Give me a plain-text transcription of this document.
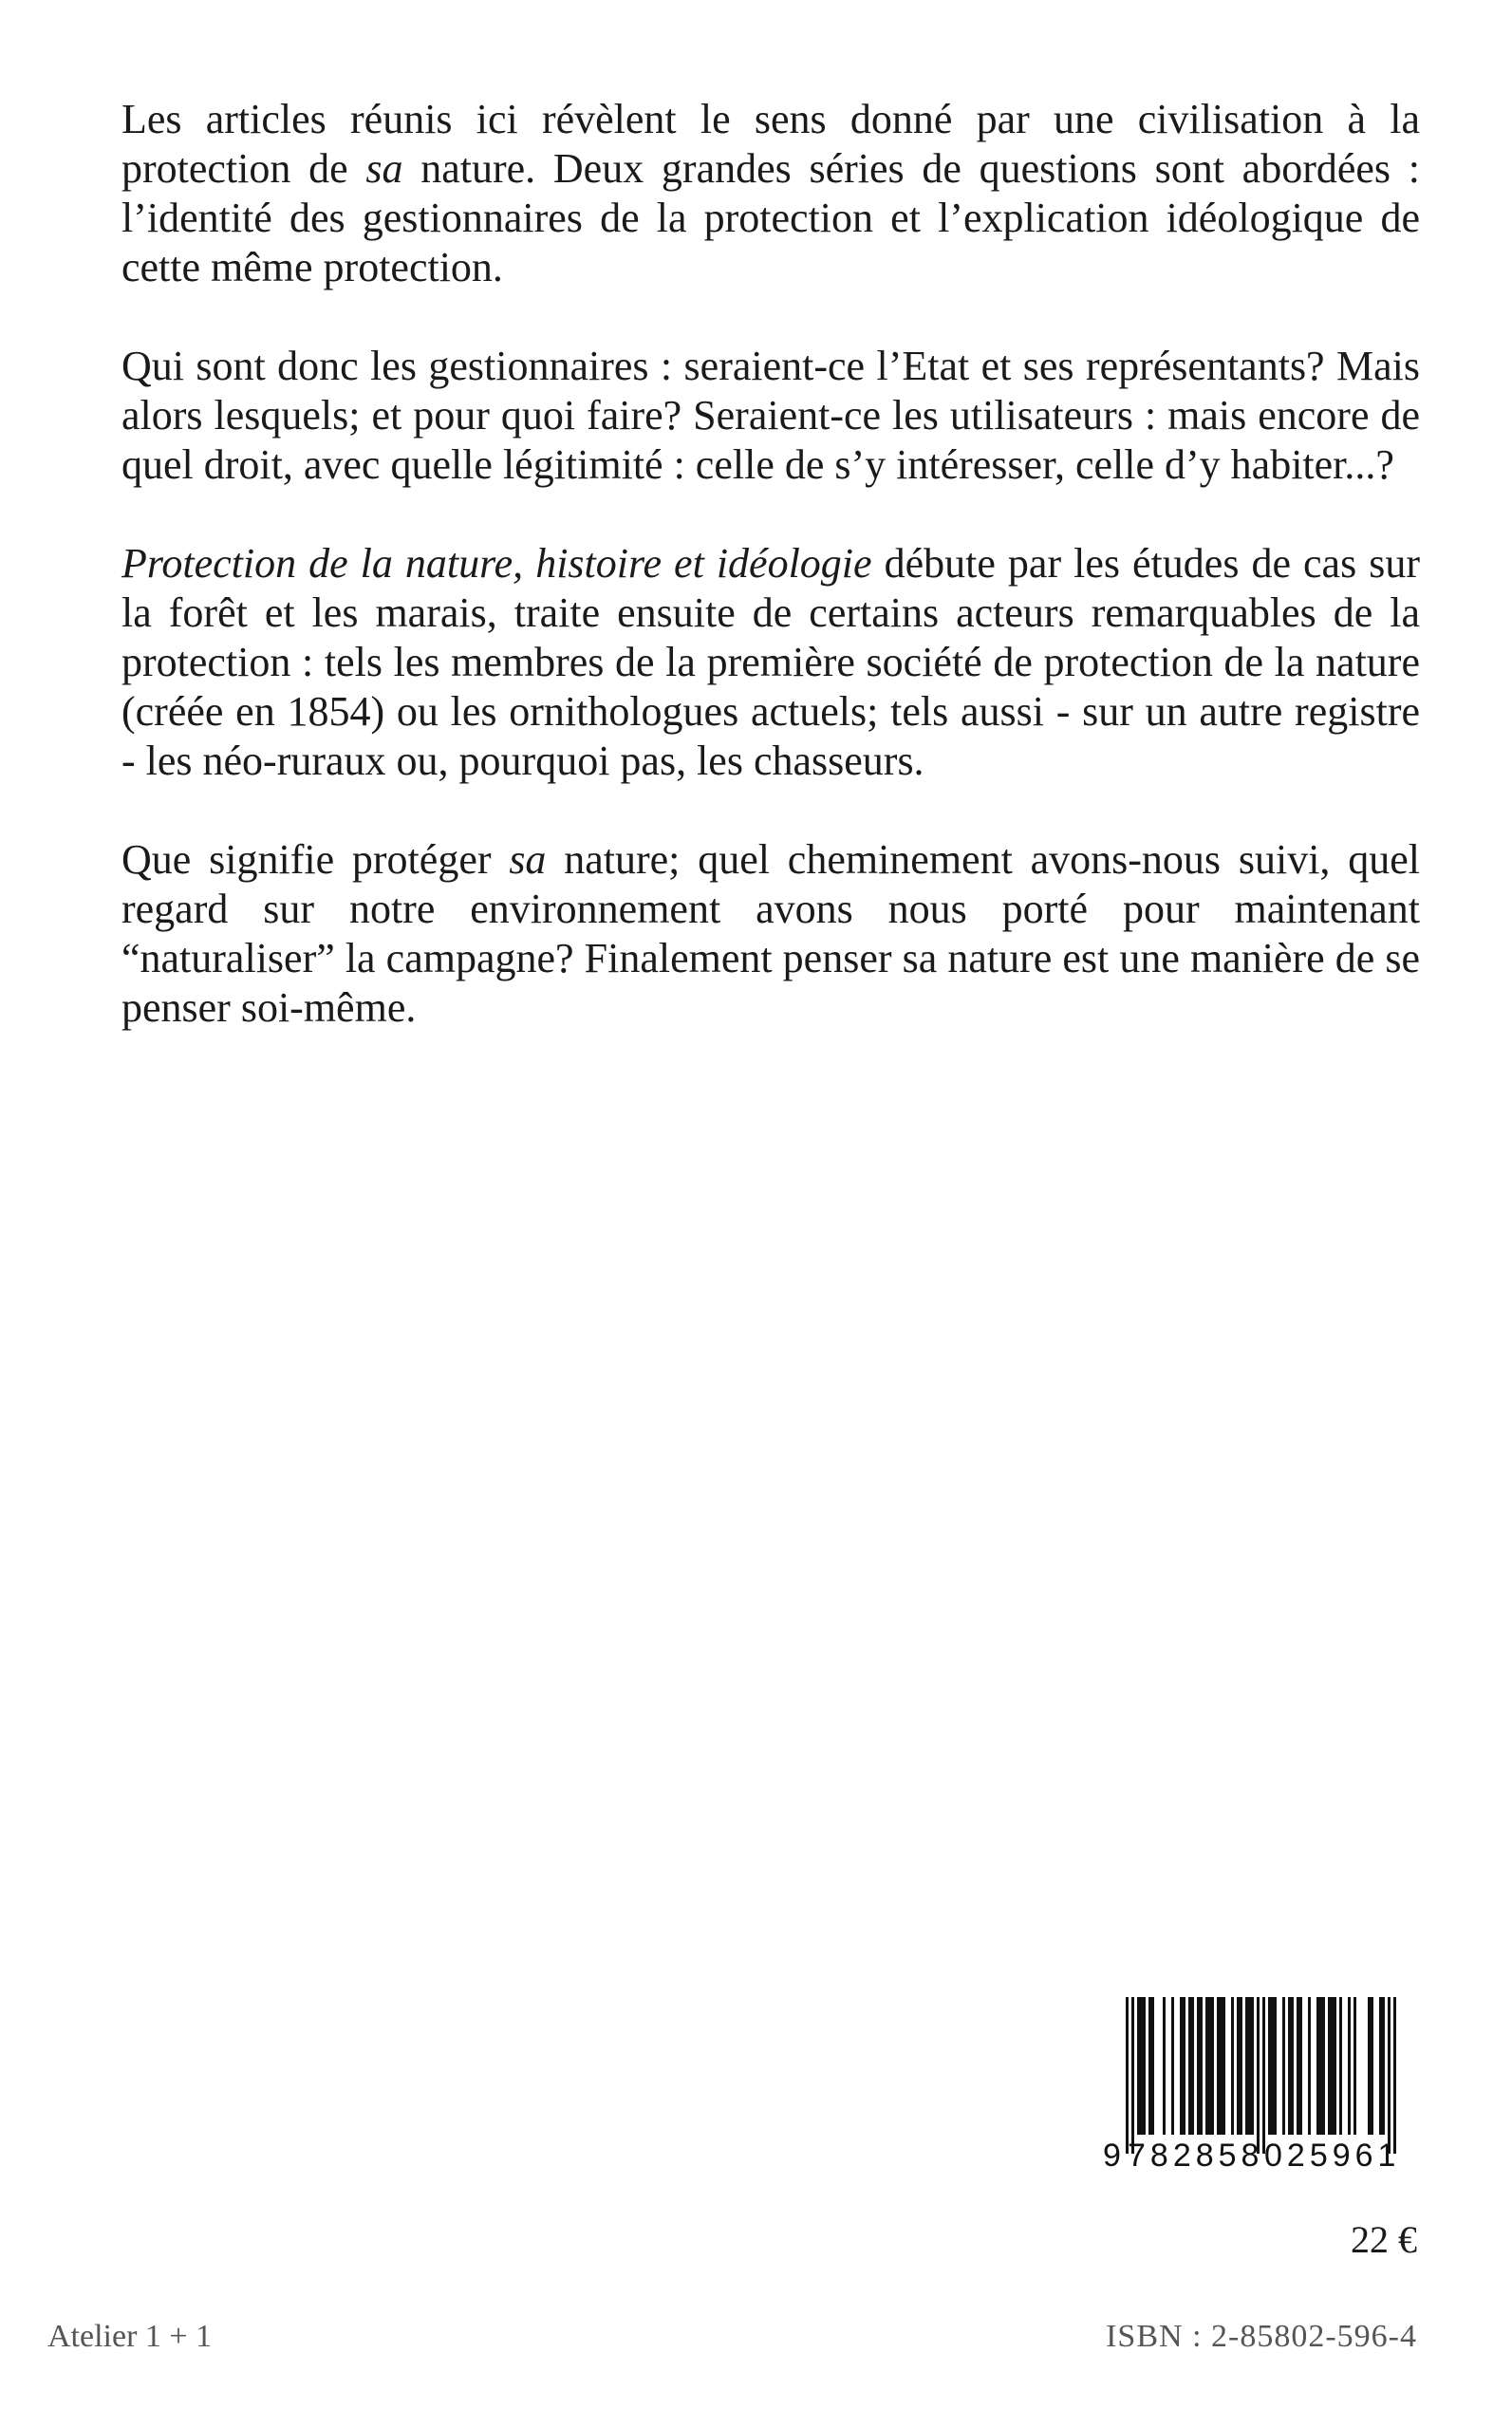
Les articles réunis ici révèlent le sens donné par une civilisation à la protection de sa nature. Deux grandes séries de questions sont abordées : l’identité des gestionnaires de la protection et l’explication idéologique de cette même protection.

Qui sont donc les gestionnaires : seraient-ce l’Etat et ses représentants? Mais alors lesquels; et pour quoi faire? Seraient-ce les utilisateurs : mais encore de quel droit, avec quelle légitimité : celle de s’y intéresser, celle d’y habiter...?

Protection de la nature, histoire et idéologie débute par les études de cas sur la forêt et les marais, traite ensuite de certains acteurs remarquables de la protection : tels les membres de la première société de protection de la nature (créée en 1854) ou les ornithologues actuels; tels aussi - sur un autre registre - les néo-ruraux ou, pourquoi pas, les chasseurs.

Que signifie protéger sa nature; quel cheminement avons-nous suivi, quel regard sur notre environnement avons nous porté pour maintenant “naturaliser” la campagne? Finalement penser sa nature est une manière de se penser soi-même.

9 782858 025961
22 €
Atelier 1 + 1	ISBN : 2-85802-596-4
